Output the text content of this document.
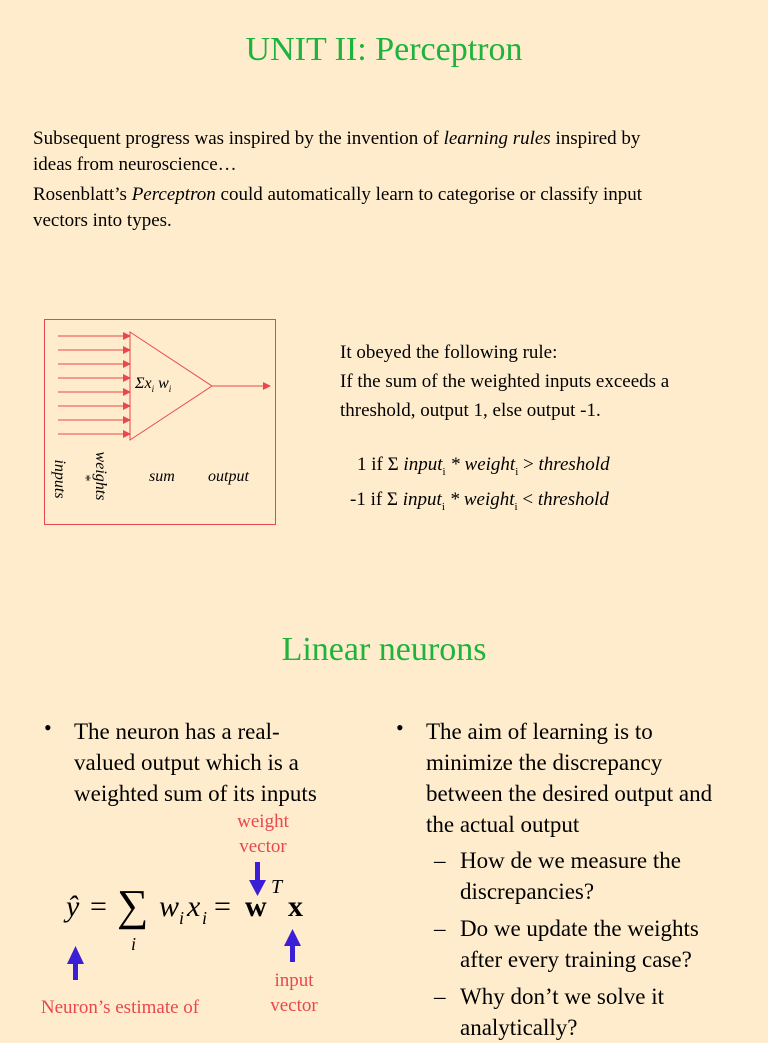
UNIT II: Perceptron
Subsequent progress was inspired by the invention of learning rules inspired by
ideas from neuroscience…
Rosenblatt’s Perceptron could automatically learn to categorise or classify input
vectors into types.
$\Sigma x_i$ $w_i$
inputs * weights	sum output
It obeyed the following rule:
If the sum of the weighted inputs exceeds a
threshold, output 1, else output -1.
1 if Σ input$_i$ * weight$_i$ > threshold
-1 if Σ input$_i$ * weight$_i$ < threshold
Linear neurons
• The neuron has a real-
valued output which is a
weighted sum of its inputs
• The aim of learning is to
minimize the discrepancy
between the desired output and
the actual output
– How de we measure the
discrepancies?
– Do we update the weights
after every training case?
– Why don’t we solve it
analytically?
weight
vector
ŷ = ∑
i
w i x i = w
T
x
input
vector
Neuron’s estimate of
